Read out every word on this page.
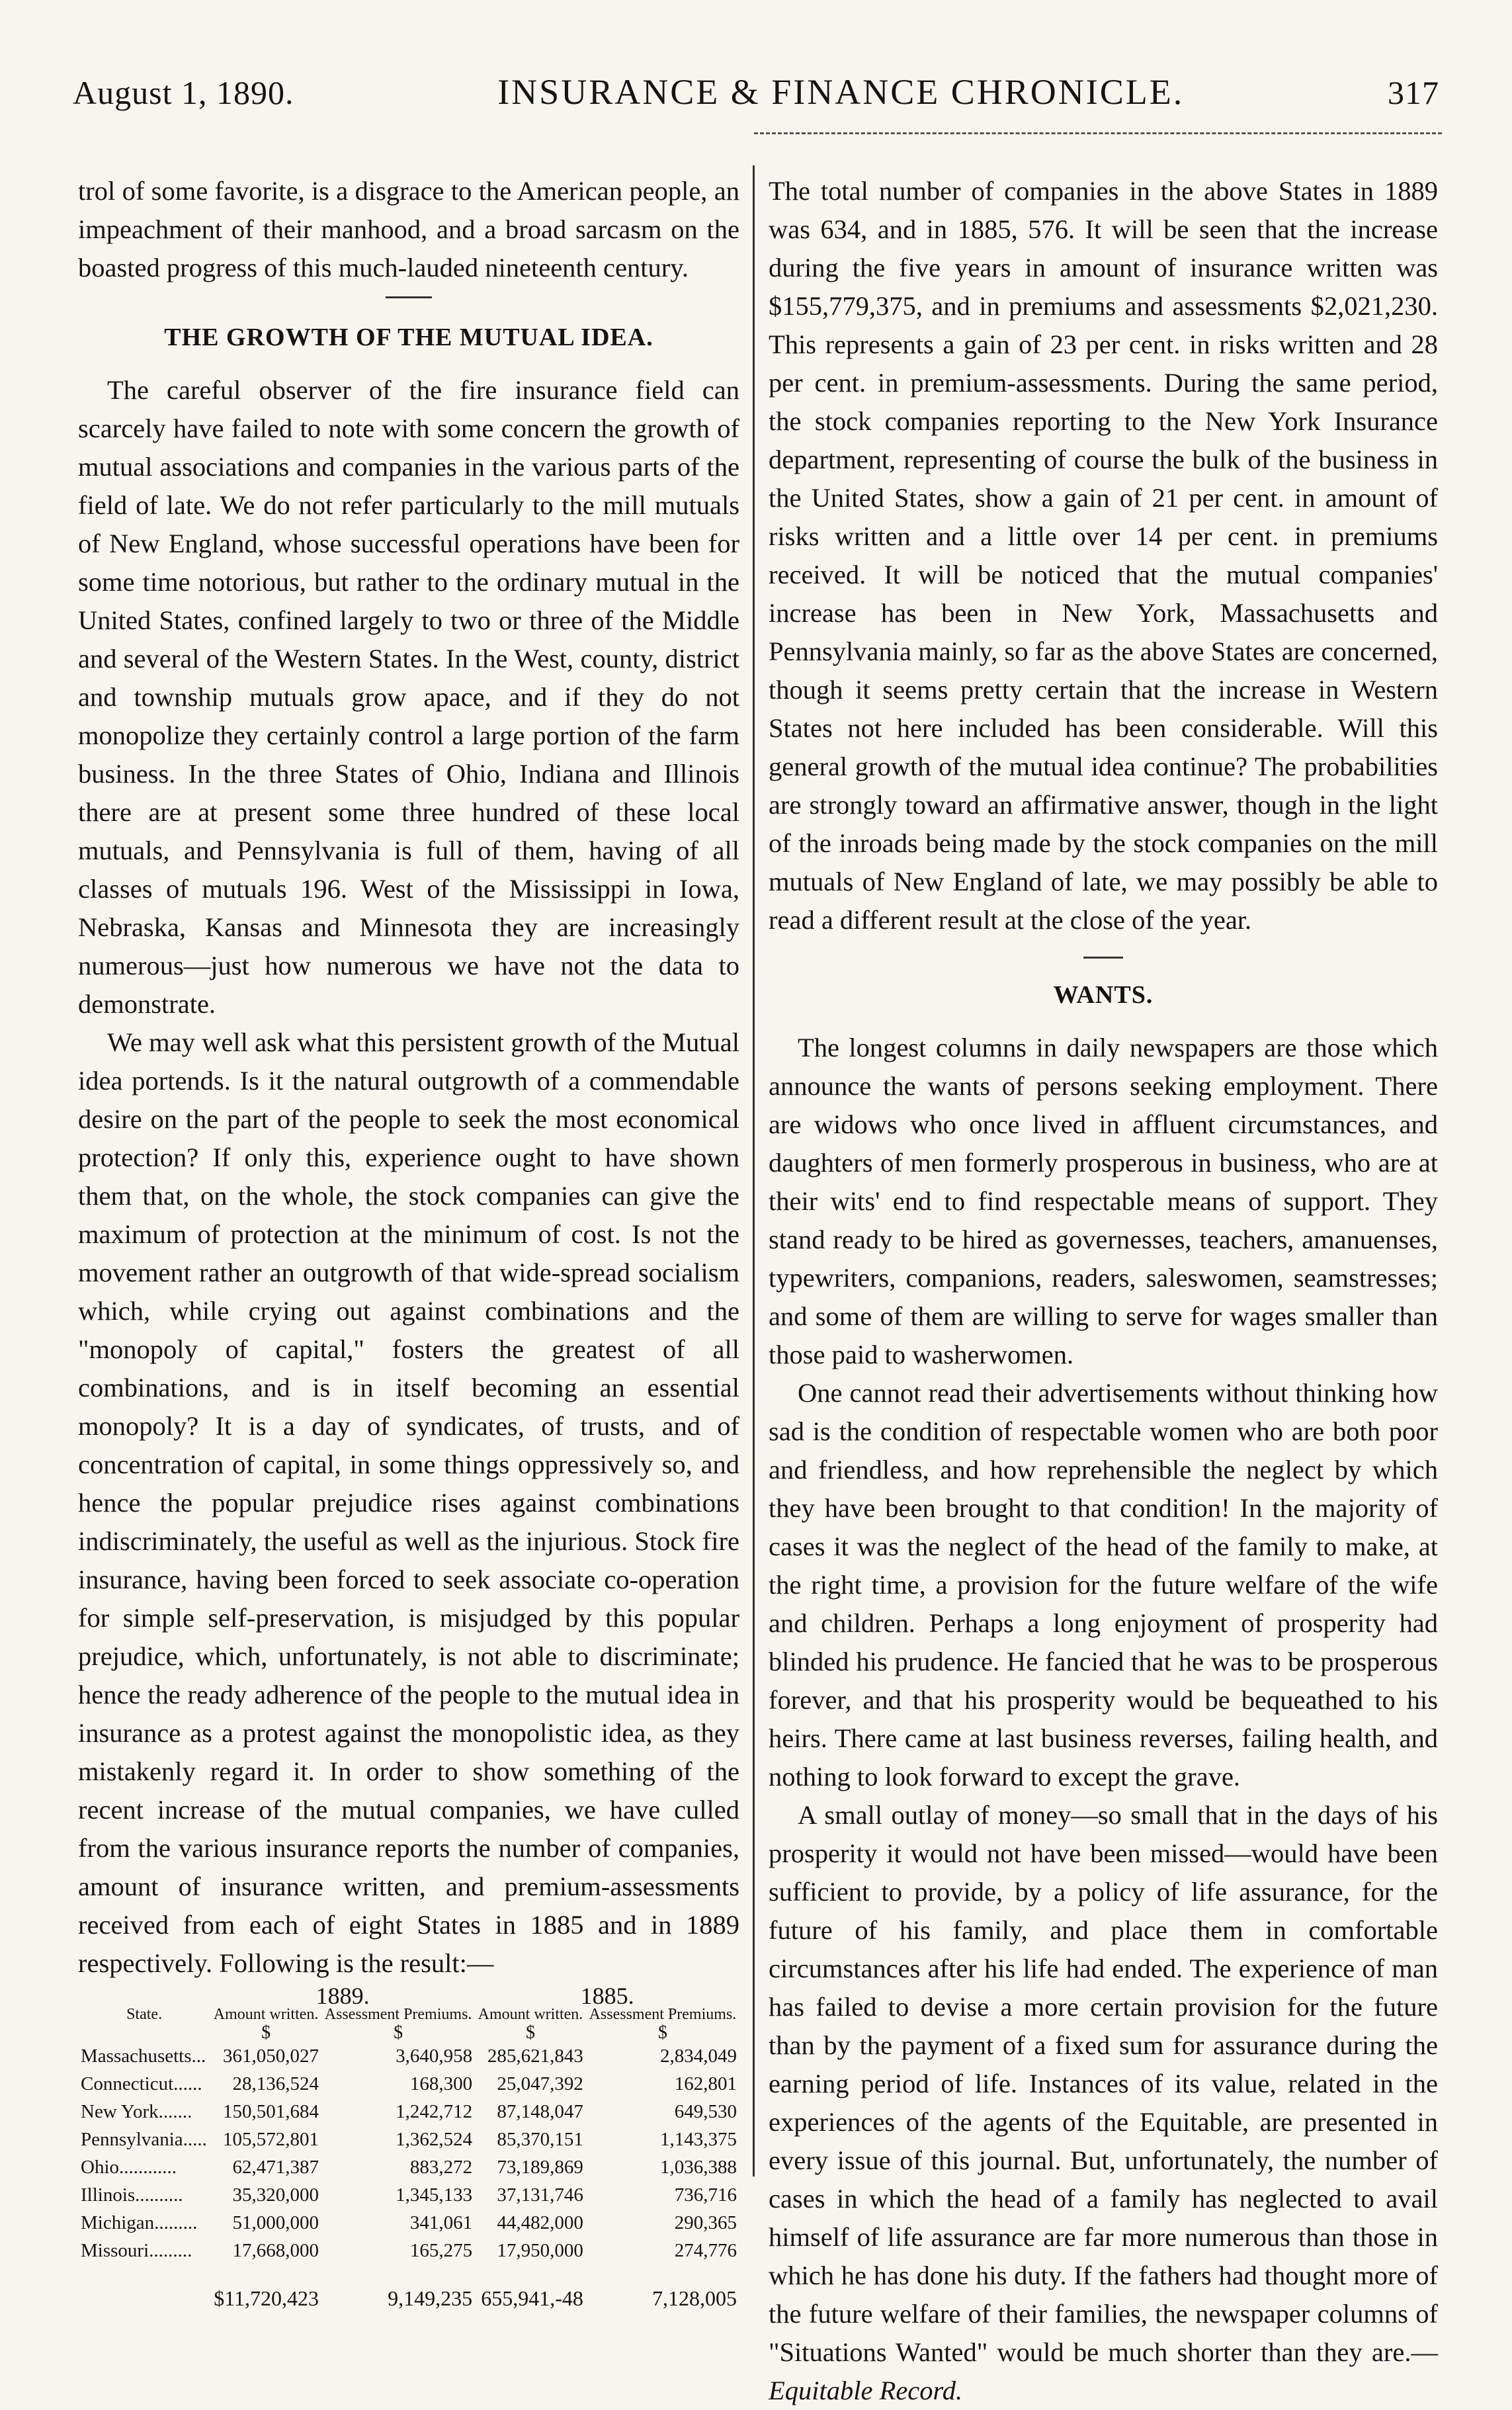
August 1, 1890.	INSURANCE & FINANCE CHRONICLE.	317

trol of some favorite, is a disgrace to the American people, an impeachment of their manhood, and a broad sarcasm on the boasted progress of this much-lauded nineteenth century.

THE GROWTH OF THE MUTUAL IDEA.

The careful observer of the fire insurance field can scarcely have failed to note with some concern the growth of mutual associations and companies in the various parts of the field of late. We do not refer particularly to the mill mutuals of New England, whose successful operations have been for some time notorious, but rather to the ordinary mutual in the United States, confined largely to two or three of the Middle and several of the Western States. In the West, county, district and township mutuals grow apace, and if they do not monopolize they certainly control a large portion of the farm business. In the three States of Ohio, Indiana and Illinois there are at present some three hundred of these local mutuals, and Pennsylvania is full of them, having of all classes of mutuals 196. West of the Mississippi in Iowa, Nebraska, Kansas and Minnesota they are increasingly numerous—just how numerous we have not the data to demonstrate.

We may well ask what this persistent growth of the Mutual idea portends. Is it the natural outgrowth of a commendable desire on the part of the people to seek the most economical protection? If only this, experience ought to have shown them that, on the whole, the stock companies can give the maximum of protection at the minimum of cost. Is not the movement rather an outgrowth of that wide-spread socialism which, while crying out against combinations and the "monopoly of capital," fosters the greatest of all combinations, and is in itself becoming an essential monopoly? It is a day of syndicates, of trusts, and of concentration of capital, in some things oppressively so, and hence the popular prejudice rises against combinations indiscriminately, the useful as well as the injurious. Stock fire insurance, having been forced to seek associate co-operation for simple self-preservation, is misjudged by this popular prejudice, which, unfortunately, is not able to discriminate; hence the ready adherence of the people to the mutual idea in insurance as a protest against the monopolistic idea, as they mistakenly regard it. In order to show something of the recent increase of the mutual companies, we have culled from the various insurance reports the number of companies, amount of insurance written, and premium-assessments received from each of eight States in 1885 and in 1889 respectively. Following is the result:—

	1889.		1885.	
State.	Amount written.	Assessment Premiums.	Amount written.	Assessment Premiums.
	$	$	$	$
Massachusetts...	361,050,027	3,640,958	285,621,843	2,834,049
Connecticut......	28,136,524	168,300	25,047,392	162,801
New York.......	150,501,684	1,242,712	87,148,047	649,530
Pennsylvania.....	105,572,801	1,362,524	85,370,151	1,143,375
Ohio............	62,471,387	883,272	73,189,869	1,036,388
Illinois..........	35,320,000	1,345,133	37,131,746	736,716
Michigan.........	51,000,000	341,061	44,482,000	290,365
Missouri.........	17,668,000	165,275	17,950,000	274,776
	$11,720,423	9,149,235	655,941,-48	7,128,005

The total number of companies in the above States in 1889 was 634, and in 1885, 576. It will be seen that the increase during the five years in amount of insurance written was $155,779,375, and in premiums and assessments $2,021,230. This represents a gain of 23 per cent. in risks written and 28 per cent. in premium-assessments. During the same period, the stock companies reporting to the New York Insurance department, representing of course the bulk of the business in the United States, show a gain of 21 per cent. in amount of risks written and a little over 14 per cent. in premiums received. It will be noticed that the mutual companies' increase has been in New York, Massachusetts and Pennsylvania mainly, so far as the above States are concerned, though it seems pretty certain that the increase in Western States not here included has been considerable. Will this general growth of the mutual idea continue? The probabilities are strongly toward an affirmative answer, though in the light of the inroads being made by the stock companies on the mill mutuals of New England of late, we may possibly be able to read a different result at the close of the year.

WANTS.

The longest columns in daily newspapers are those which announce the wants of persons seeking employment. There are widows who once lived in affluent circumstances, and daughters of men formerly prosperous in business, who are at their wits' end to find respectable means of support. They stand ready to be hired as governesses, teachers, amanuenses, typewriters, companions, readers, saleswomen, seamstresses; and some of them are willing to serve for wages smaller than those paid to washerwomen.

One cannot read their advertisements without thinking how sad is the condition of respectable women who are both poor and friendless, and how reprehensible the neglect by which they have been brought to that condition! In the majority of cases it was the neglect of the head of the family to make, at the right time, a provision for the future welfare of the wife and children. Perhaps a long enjoyment of prosperity had blinded his prudence. He fancied that he was to be prosperous forever, and that his prosperity would be bequeathed to his heirs. There came at last business reverses, failing health, and nothing to look forward to except the grave.

A small outlay of money—so small that in the days of his prosperity it would not have been missed—would have been sufficient to provide, by a policy of life assurance, for the future of his family, and place them in comfortable circumstances after his life had ended. The experience of man has failed to devise a more certain provision for the future than by the payment of a fixed sum for assurance during the earning period of life. Instances of its value, related in the experiences of the agents of the Equitable, are presented in every issue of this journal. But, unfortunately, the number of cases in which the head of a family has neglected to avail himself of life assurance are far more numerous than those in which he has done his duty. If the fathers had thought more of the future welfare of their families, the newspaper columns of "Situations Wanted" would be much shorter than they are.—Equitable Record.
